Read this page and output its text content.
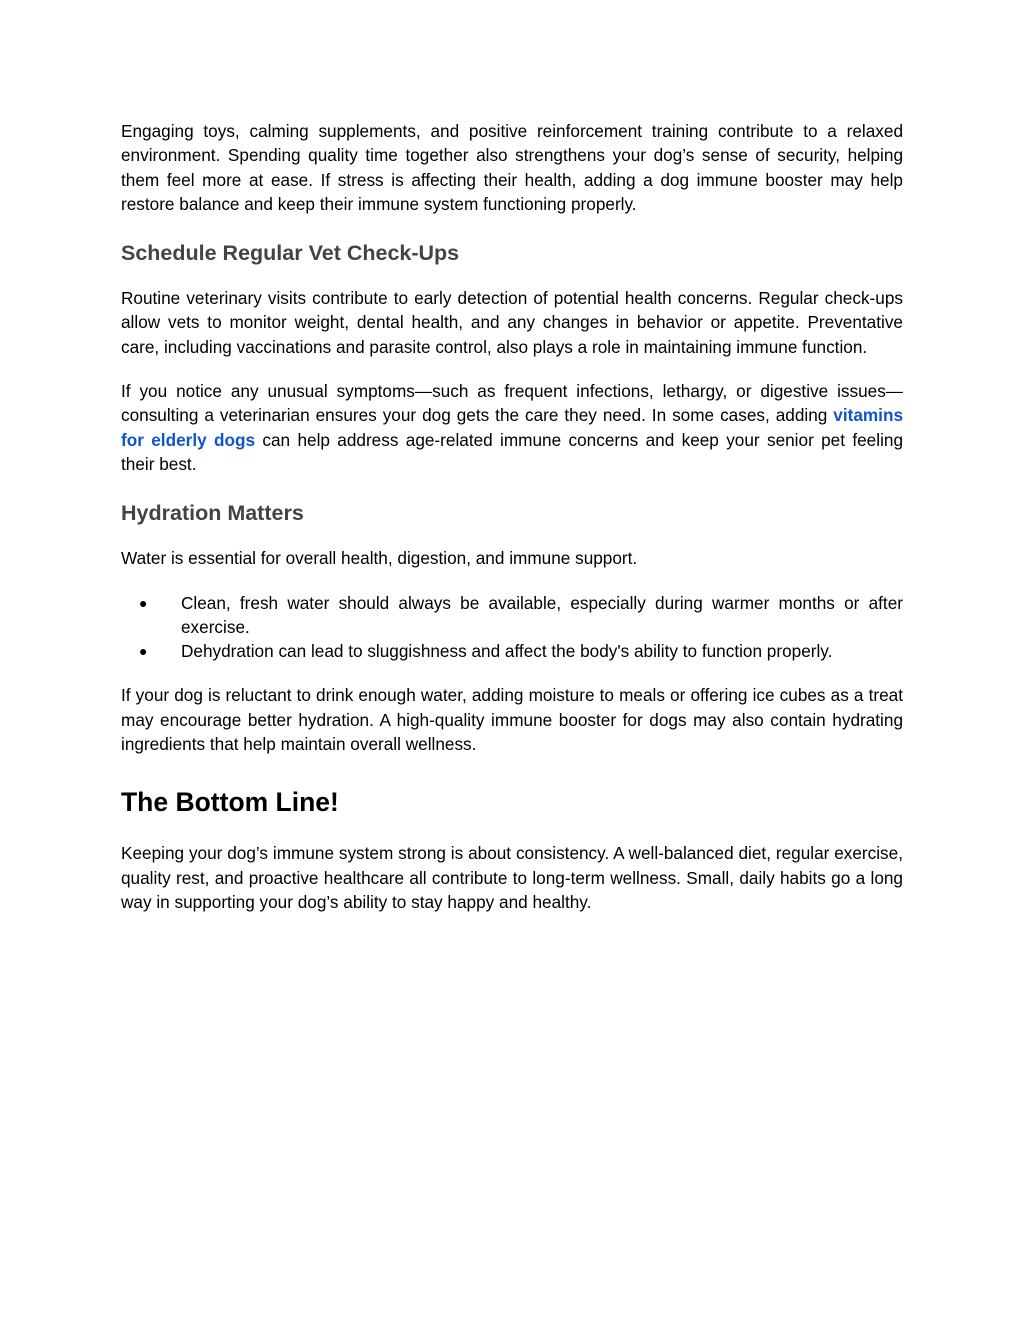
Engaging toys, calming supplements, and positive reinforcement training contribute to a relaxed environment. Spending quality time together also strengthens your dog’s sense of security, helping them feel more at ease. If stress is affecting their health, adding a dog immune booster may help restore balance and keep their immune system functioning properly.

Schedule Regular Vet Check-Ups

Routine veterinary visits contribute to early detection of potential health concerns. Regular check-ups allow vets to monitor weight, dental health, and any changes in behavior or appetite. Preventative care, including vaccinations and parasite control, also plays a role in maintaining immune function.

If you notice any unusual symptoms—such as frequent infections, lethargy, or digestive issues—consulting a veterinarian ensures your dog gets the care they need. In some cases, adding vitamins for elderly dogs can help address age-related immune concerns and keep your senior pet feeling their best.

Hydration Matters

Water is essential for overall health, digestion, and immune support.

● Clean, fresh water should always be available, especially during warmer months or after exercise.
● Dehydration can lead to sluggishness and affect the body's ability to function properly.

If your dog is reluctant to drink enough water, adding moisture to meals or offering ice cubes as a treat may encourage better hydration. A high-quality immune booster for dogs may also contain hydrating ingredients that help maintain overall wellness.

The Bottom Line!

Keeping your dog’s immune system strong is about consistency. A well-balanced diet, regular exercise, quality rest, and proactive healthcare all contribute to long-term wellness. Small, daily habits go a long way in supporting your dog’s ability to stay happy and healthy.
